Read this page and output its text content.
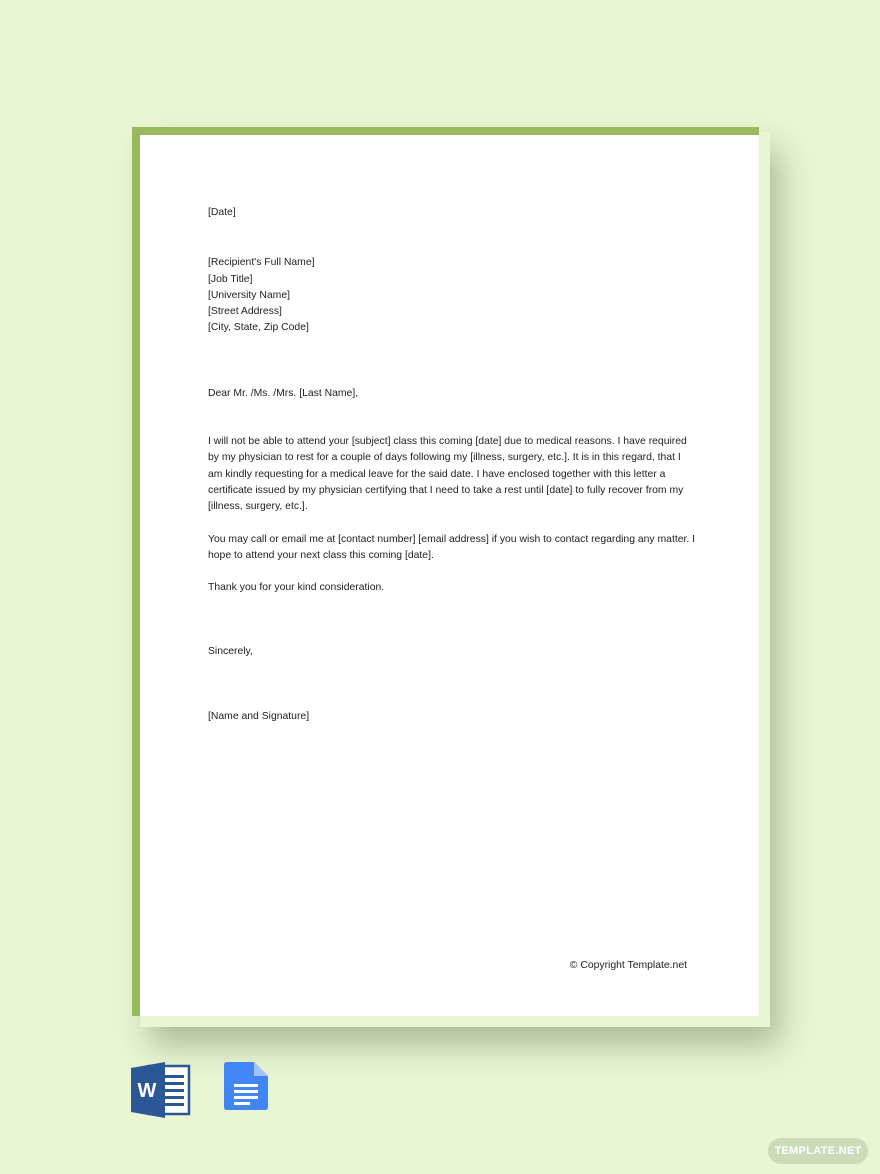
[Date]

[Recipient's Full Name]
[Job Title]
[University Name]
[Street Address]
[City, State, Zip Code]

Dear Mr. /Ms. /Mrs. [Last Name],

I will not be able to attend your [subject] class this coming [date] due to medical reasons. I have required by my physician to rest for a couple of days following my [illness, surgery, etc.]. It is in this regard, that I am kindly requesting for a medical leave for the said date. I have enclosed together with this letter a certificate issued by my physician certifying that I need to take a rest until [date] to fully recover from my [illness, surgery, etc.].

You may call or email me at [contact number] [email address] if you wish to contact regarding any matter. I hope to attend your next class this coming [date].

Thank you for your kind consideration.

Sincerely,

[Name and Signature]

© Copyright Template.net
W
TEMPLATE.NET
